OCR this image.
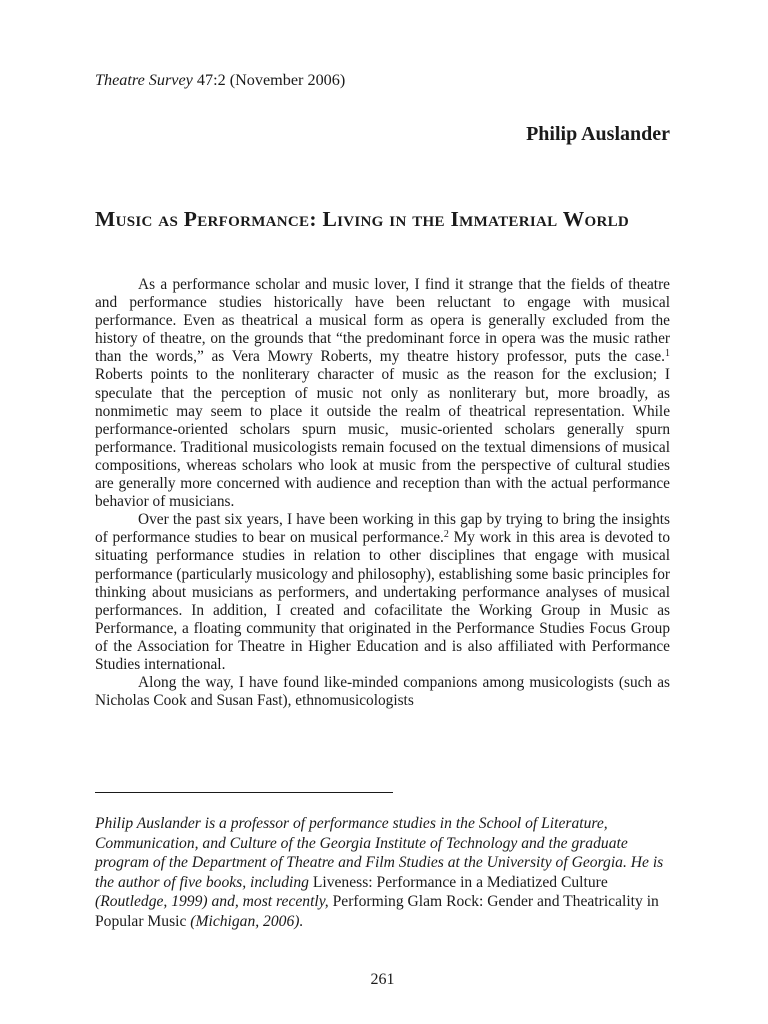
Theatre Survey 47:2 (November 2006)
Philip Auslander
Music as Performance: Living in the Immaterial World

As a performance scholar and music lover, I find it strange that the fields of theatre and performance studies historically have been reluctant to engage with musical performance. Even as theatrical a musical form as opera is generally excluded from the history of theatre, on the grounds that “the predominant force in opera was the music rather than the words,” as Vera Mowry Roberts, my theatre history professor, puts the case.$^1$ Roberts points to the nonliterary character of music as the reason for the exclusion; I speculate that the perception of music not only as nonliterary but, more broadly, as nonmimetic may seem to place it outside the realm of theatrical representation. While performance-oriented scholars spurn music, music-oriented scholars generally spurn performance. Traditional musicologists remain focused on the textual dimensions of musical compositions, whereas scholars who look at music from the perspective of cultural studies are generally more concerned with audience and reception than with the actual performance behavior of musicians.

Over the past six years, I have been working in this gap by trying to bring the insights of performance studies to bear on musical performance.$^2$ My work in this area is devoted to situating performance studies in relation to other disciplines that engage with musical performance (particularly musicology and philosophy), establishing some basic principles for thinking about musicians as performers, and undertaking performance analyses of musical performances. In addition, I created and cofacilitate the Working Group in Music as Performance, a floating community that originated in the Performance Studies Focus Group of the Association for Theatre in Higher Education and is also affiliated with Performance Studies international.

Along the way, I have found like-minded companions among musicologists (such as Nicholas Cook and Susan Fast), ethnomusicologists

Philip Auslander is a professor of performance studies in the School of Literature, Communication, and Culture of the Georgia Institute of Technology and the graduate program of the Department of Theatre and Film Studies at the University of Georgia. He is the author of five books, including Liveness: Performance in a Mediatized Culture (Routledge, 1999) and, most recently, Performing Glam Rock: Gender and Theatricality in Popular Music (Michigan, 2006).
261
